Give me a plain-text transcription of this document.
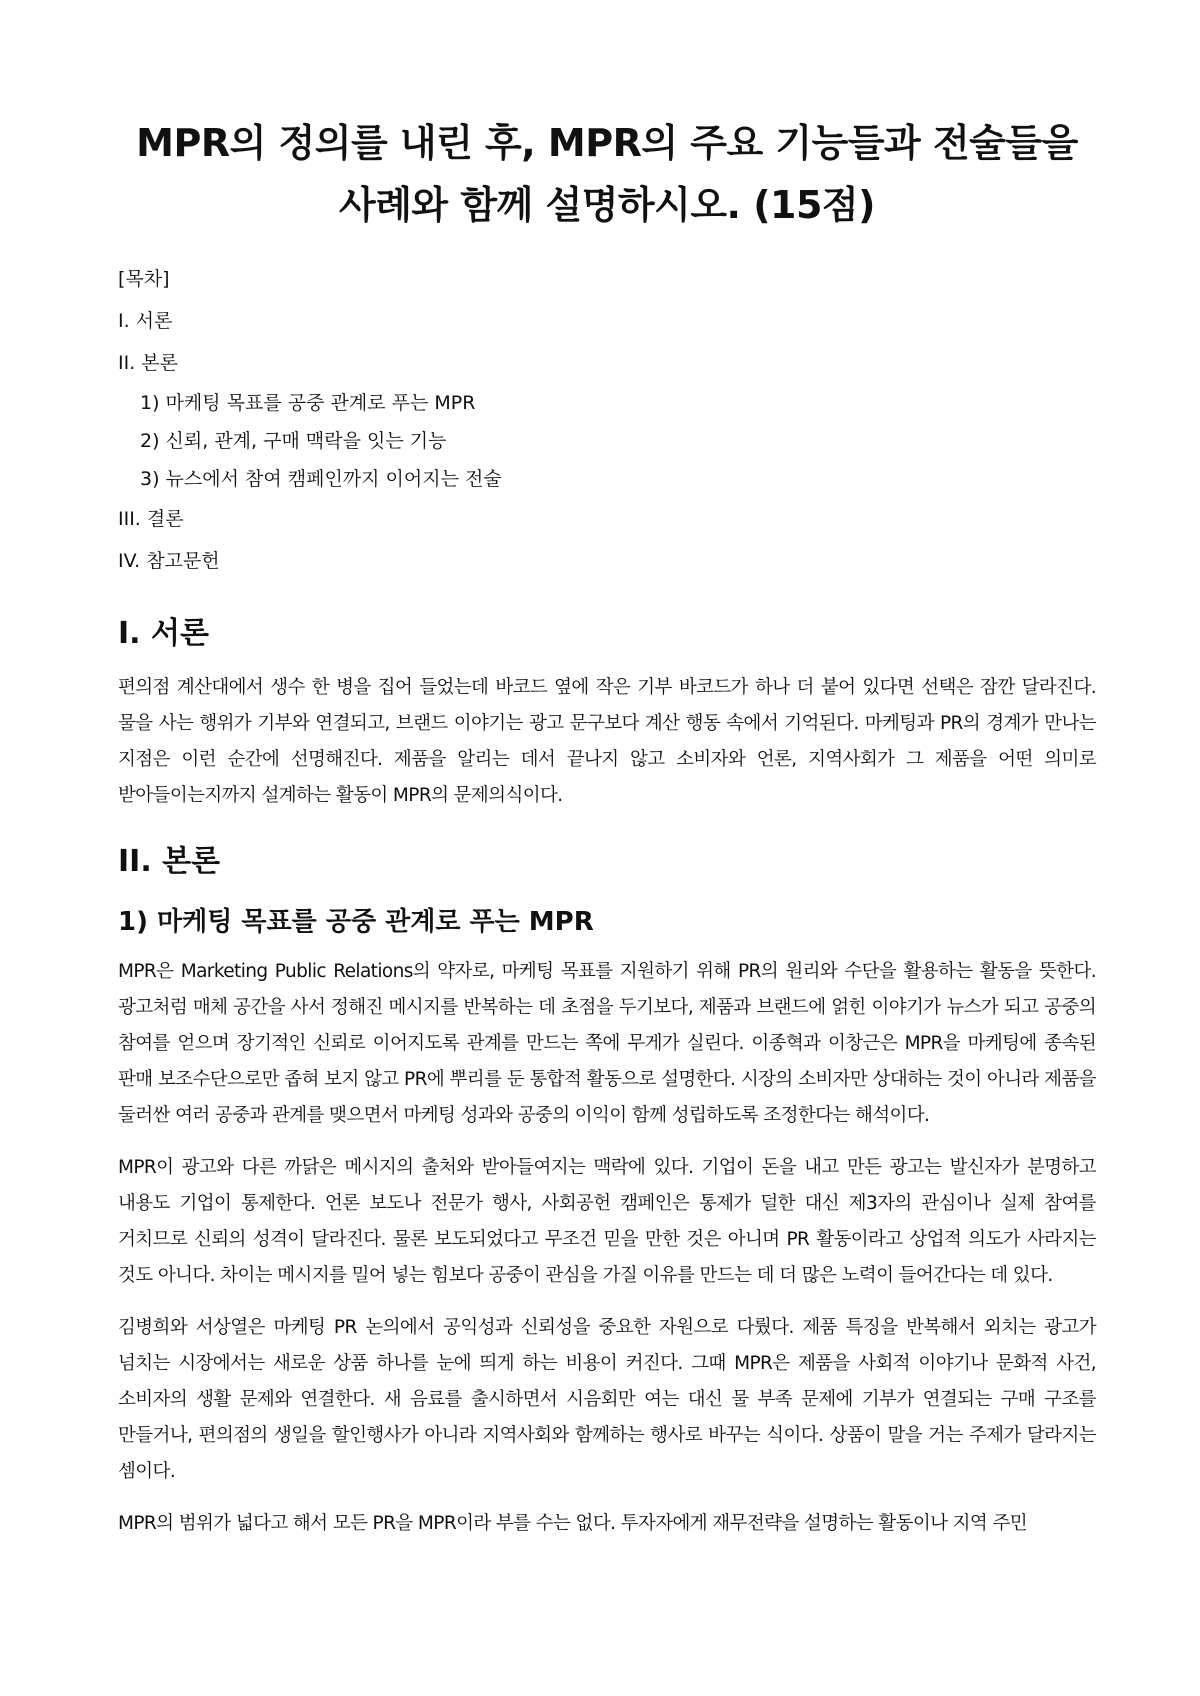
MPR의 정의를 내린 후, MPR의 주요 기능들과 전술들을 사례와 함께 설명하시오. (15점)
[목차]
I. 서론
II. 본론
1) 마케팅 목표를 공중 관계로 푸는 MPR
2) 신뢰, 관계, 구매 맥락을 잇는 기능
3) 뉴스에서 참여 캠페인까지 이어지는 전술
III. 결론
IV. 참고문헌
I. 서론

편의점 계산대에서 생수 한 병을 집어 들었는데 바코드 옆에 작은 기부 바코드가 하나 더 붙어 있다면 선택은 잠깐 달라진다. 물을 사는 행위가 기부와 연결되고, 브랜드 이야기는 광고 문구보다 계산 행동 속에서 기억된다. 마케팅과 PR의 경계가 만나는 지점은 이런 순간에 선명해진다. 제품을 알리는 데서 끝나지 않고 소비자와 언론, 지역사회가 그 제품을 어떤 의미로 받아들이는지까지 설계하는 활동이 MPR의 문제의식이다.

II. 본론
1) 마케팅 목표를 공중 관계로 푸는 MPR

MPR은 Marketing Public Relations의 약자로, 마케팅 목표를 지원하기 위해 PR의 원리와 수단을 활용하는 활동을 뜻한다. 광고처럼 매체 공간을 사서 정해진 메시지를 반복하는 데 초점을 두기보다, 제품과 브랜드에 얽힌 이야기가 뉴스가 되고 공중의 참여를 얻으며 장기적인 신뢰로 이어지도록 관계를 만드는 쪽에 무게가 실린다. 이종혁과 이창근은 MPR을 마케팅에 종속된 판매 보조수단으로만 좁혀 보지 않고 PR에 뿌리를 둔 통합적 활동으로 설명한다. 시장의 소비자만 상대하는 것이 아니라 제품을 둘러싼 여러 공중과 관계를 맺으면서 마케팅 성과와 공중의 이익이 함께 성립하도록 조정한다는 해석이다.

MPR이 광고와 다른 까닭은 메시지의 출처와 받아들여지는 맥락에 있다. 기업이 돈을 내고 만든 광고는 발신자가 분명하고 내용도 기업이 통제한다. 언론 보도나 전문가 행사, 사회공헌 캠페인은 통제가 덜한 대신 제3자의 관심이나 실제 참여를 거치므로 신뢰의 성격이 달라진다. 물론 보도되었다고 무조건 믿을 만한 것은 아니며 PR 활동이라고 상업적 의도가 사라지는 것도 아니다. 차이는 메시지를 밀어 넣는 힘보다 공중이 관심을 가질 이유를 만드는 데 더 많은 노력이 들어간다는 데 있다.

김병희와 서상열은 마케팅 PR 논의에서 공익성과 신뢰성을 중요한 자원으로 다뤘다. 제품 특징을 반복해서 외치는 광고가 넘치는 시장에서는 새로운 상품 하나를 눈에 띄게 하는 비용이 커진다. 그때 MPR은 제품을 사회적 이야기나 문화적 사건, 소비자의 생활 문제와 연결한다. 새 음료를 출시하면서 시음회만 여는 대신 물 부족 문제에 기부가 연결되는 구매 구조를 만들거나, 편의점의 생일을 할인행사가 아니라 지역사회와 함께하는 행사로 바꾸는 식이다. 상품이 말을 거는 주제가 달라지는 셈이다.

MPR의 범위가 넓다고 해서 모든 PR을 MPR이라 부를 수는 없다. 투자자에게 재무전략을 설명하는 활동이나 지역 주민
